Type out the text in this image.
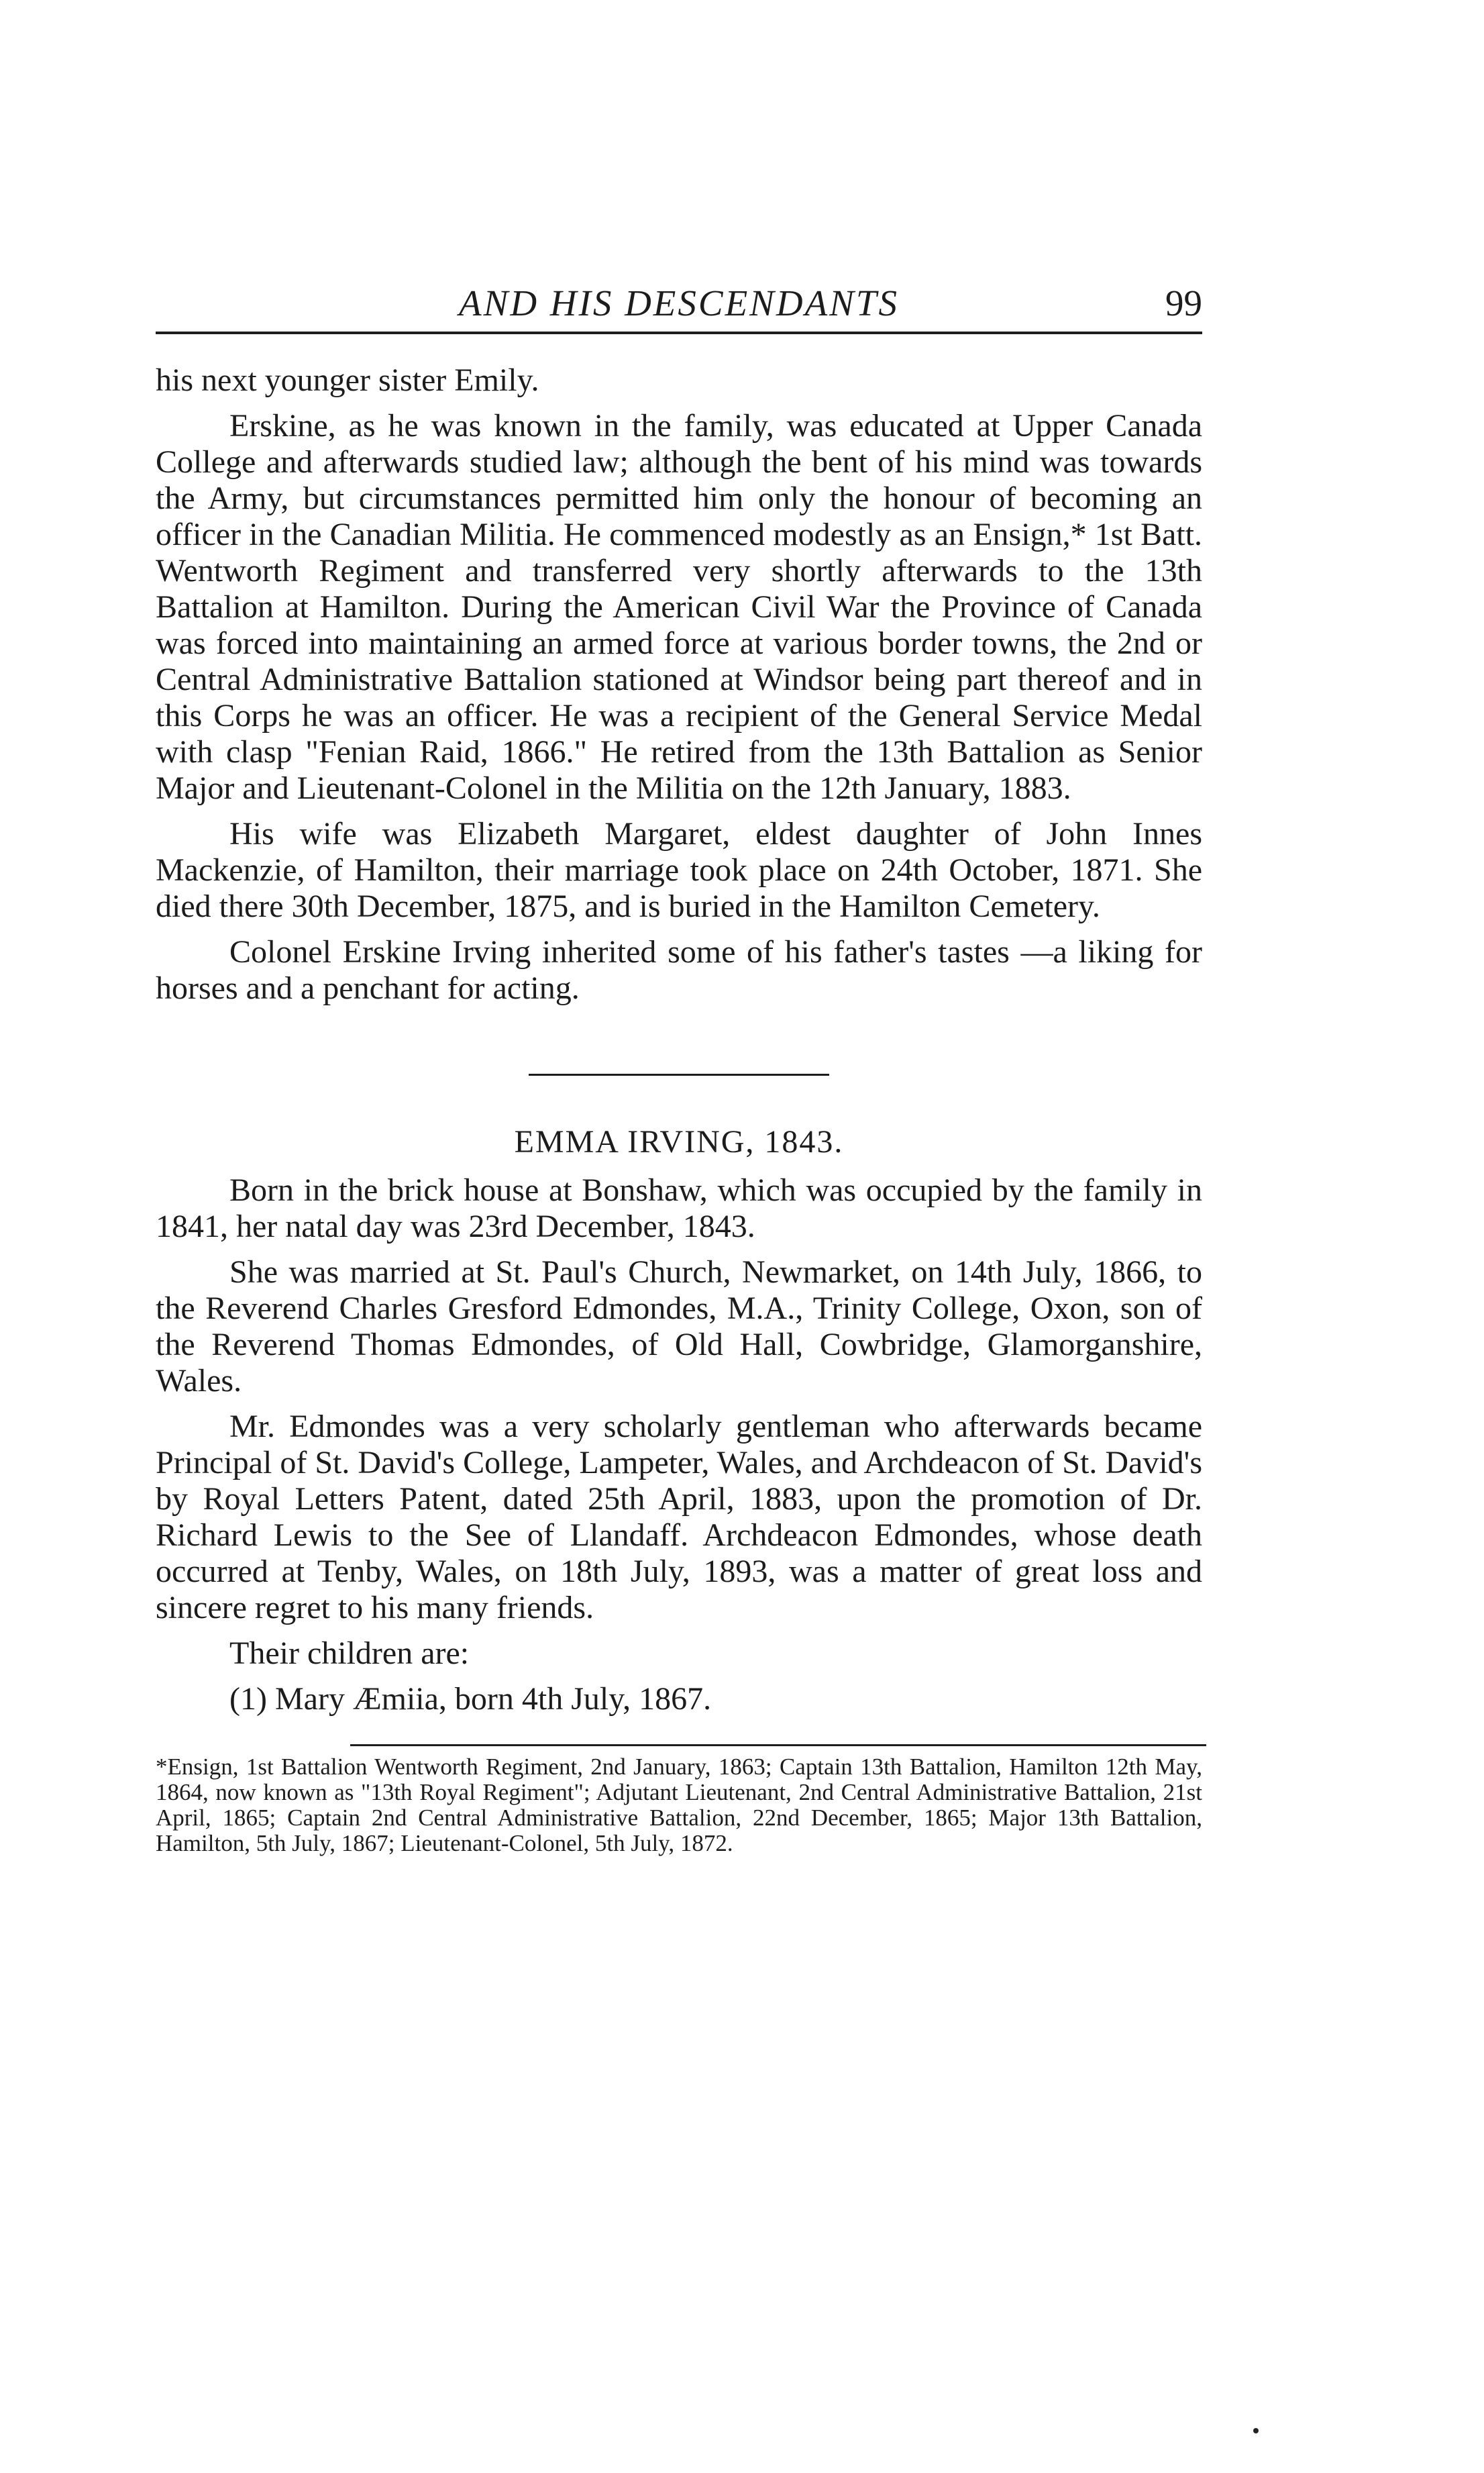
AND HIS DESCENDANTS	99

his next younger sister Emily.

Erskine, as he was known in the family, was educated at Upper Canada College and afterwards studied law; although the bent of his mind was towards the Army, but circumstances permitted him only the honour of becoming an officer in the Canadian Militia. He commenced modestly as an Ensign,* 1st Batt. Wentworth Regiment and transferred very shortly afterwards to the 13th Battalion at Hamilton. During the American Civil War the Province of Canada was forced into maintaining an armed force at various border towns, the 2nd or Central Administrative Battalion stationed at Windsor being part thereof and in this Corps he was an officer. He was a recipient of the General Service Medal with clasp "Fenian Raid, 1866." He retired from the 13th Battalion as Senior Major and Lieutenant-Colonel in the Militia on the 12th January, 1883.

His wife was Elizabeth Margaret, eldest daughter of John Innes Mackenzie, of Hamilton, their marriage took place on 24th October, 1871. She died there 30th December, 1875, and is buried in the Hamilton Cemetery.

Colonel Erskine Irving inherited some of his father's tastes —a liking for horses and a penchant for acting.

EMMA IRVING, 1843.

Born in the brick house at Bonshaw, which was occupied by the family in 1841, her natal day was 23rd December, 1843.

She was married at St. Paul's Church, Newmarket, on 14th July, 1866, to the Reverend Charles Gresford Edmondes, M.A., Trinity College, Oxon, son of the Reverend Thomas Edmondes, of Old Hall, Cowbridge, Glamorganshire, Wales.

Mr. Edmondes was a very scholarly gentleman who afterwards became Principal of St. David's College, Lampeter, Wales, and Archdeacon of St. David's by Royal Letters Patent, dated 25th April, 1883, upon the promotion of Dr. Richard Lewis to the See of Llandaff. Archdeacon Edmondes, whose death occurred at Tenby, Wales, on 18th July, 1893, was a matter of great loss and sincere regret to his many friends.

Their children are:

(1) Mary Æmiia, born 4th July, 1867.

*Ensign, 1st Battalion Wentworth Regiment, 2nd January, 1863; Captain 13th Battalion, Hamilton 12th May, 1864, now known as "13th Royal Regiment"; Adjutant Lieutenant, 2nd Central Administrative Battalion, 21st April, 1865; Captain 2nd Central Administrative Battalion, 22nd December, 1865; Major 13th Battalion, Hamilton, 5th July, 1867; Lieutenant-Colonel, 5th July, 1872.
